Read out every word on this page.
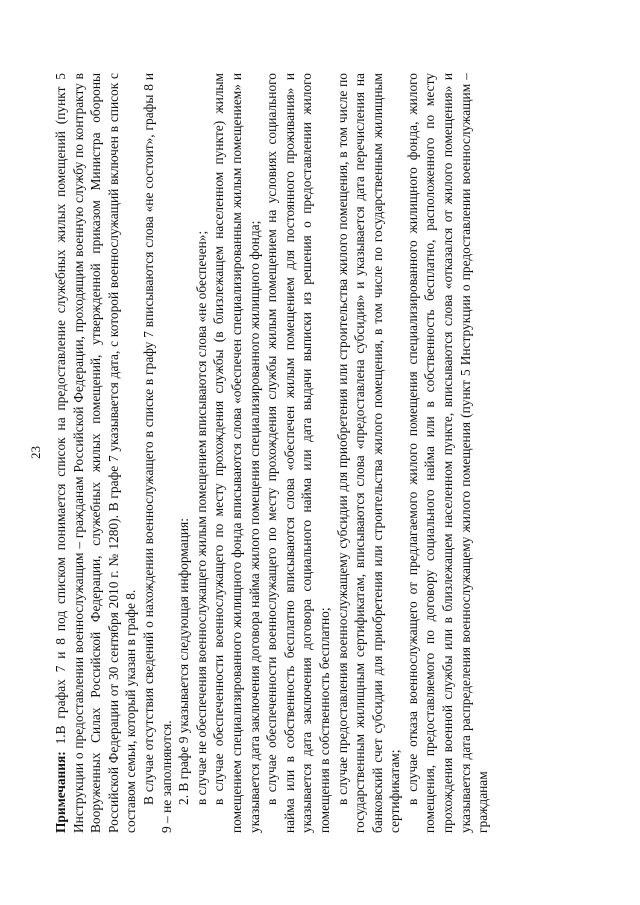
23

Примечания: 1.В графах 7 и 8 под списком понимается список на предоставление служебных жилых помещений (пункт 5 Инструкции о предоставлении военнослужащим – гражданам Российской Федерации, проходящим военную службу по контракту в Вооруженных Силах Российской Федерации, служебных жилых помещений, утвержденной приказом Министра обороны Российской Федерации от 30 сентября 2010 г. № 1280). В графе 7 указывается дата, с которой военнослужащий включен в список с составом семьи, который указан в графе 8. В случае отсутствия сведений о нахождении военнослужащего в списке в графу 7 вписываются слова «не состоит», графы 8 и 9 – не заполняются. 2. В графе 9 указывается следующая информация: в случае не обеспечения военнослужащего жилым помещением вписываются слова «не обеспечен»; в случае обеспеченности военнослужащего по месту прохождения службы (в близлежащем населенном пункте) жилым помещением специализированного жилищного фонда вписываются слова «обеспечен специализированным жилым помещением» и указывается дата заключения договора найма жилого помещения специализированного жилищного фонда; в случае обеспеченности военнослужащего по месту прохождения службы жилым помещением на условиях социального найма или в собственность бесплатно вписываются слова «обеспечен жилым помещением для постоянного проживания» и указывается дата заключения договора социального найма или дата выдачи выписки из решения о предоставлении жилого помещения в собственность бесплатно; в случае предоставления военнослужащему субсидии для приобретения или строительства жилого помещения, в том числе по государственным жилищным сертификатам, вписываются слова «предоставлена субсидия» и указывается дата перечисления на банковский счет субсидии для приобретения или строительства жилого помещения, в том числе по государственным жилищным сертификатам; в случае отказа военнослужащего от предлагаемого жилого помещения специализированного жилищного фонда, жилого помещения, предоставляемого по договору социального найма или в собственность бесплатно, расположенного по месту прохождения военной службы или в близлежащем населенном пункте, вписываются слова «отказался от жилого помещения» и указывается дата распределения военнослужащему жилого помещения (пункт 5 Инструкции о предоставлении военнослужащим – гражданам
